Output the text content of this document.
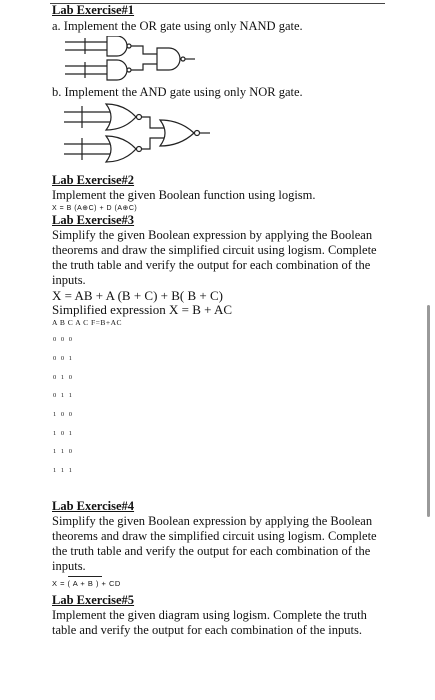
Lab Exercise#1
a. Implement the OR gate using only NAND gate.
b. Implement the AND gate using only NOR gate.
Lab Exercise#2
Implement the given Boolean function using logism.
X = B (A⊕C) + D (A⊕C)
Lab Exercise#3
Simplify the given Boolean expression by applying the Boolean theorems and draw the simplified circuit using logism. Complete the truth table and verify the output for each combination of the inputs.
X = AB + A (B + C) + B( B + C)
Simplified expression X = B + AC
A B C A C F=B+AC
0 0 0
0 0 1
0 1 0
0 1 1
1 0 0
1 0 1
1 1 0
1 1 1
Lab Exercise#4
Simplify the given Boolean expression by applying the Boolean theorems and draw the simplified circuit using logism. Complete the truth table and verify the output for each combination of the inputs.
X = ( A + B ) + CD
Lab Exercise#5
Implement the given diagram using logism. Complete the truth table and verify the output for each combination of the inputs.
